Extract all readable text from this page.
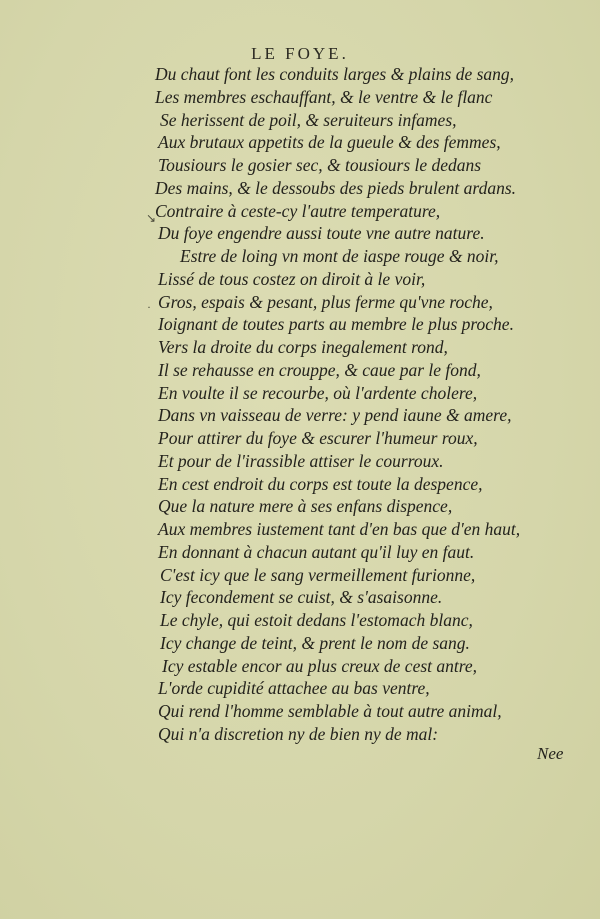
LE FOYE.
Du chaut font les conduits larges & plains de sang,
Les membres eschauffant, & le ventre & le flanc
Se herissent de poil, & seruiteurs infames,
Aux brutaux appetits de la gueule & des femmes,
Tousiours le gosier sec, & tousiours le dedans
Des mains, & le dessoubs des pieds brulent ardans.
Contraire à ceste-cy l'autre temperature,
Du foye engendre aussi toute vne autre nature.
Estre de loing vn mont de iaspe rouge & noir,
Lissé de tous costez on diroit à le voir,
Gros, espais & pesant, plus ferme qu'vne roche,
Ioignant de toutes parts au membre le plus proche.
Vers la droite du corps inegalement rond,
Il se rehausse en crouppe, & caue par le fond,
En voulte il se recourbe, où l'ardente cholere,
Dans vn vaisseau de verre: y pend iaune & amere,
Pour attirer du foye & escurer l'humeur roux,
Et pour de l'irassible attiser le courroux.
En cest endroit du corps est toute la despence,
Que la nature mere à ses enfans dispence,
Aux membres iustement tant d'en bas que d'en haut,
En donnant à chacun autant qu'il luy en faut.
C'est icy que le sang vermeillement furionne,
Icy fecondement se cuist, & s'asaisonne.
Le chyle, qui estoit dedans l'estomach blanc,
Icy change de teint, & prent le nom de sang.
Icy estable encor au plus creux de cest antre,
L'orde cupidité attachee au bas ventre,
Qui rend l'homme semblable à tout autre animal,
Qui n'a discretion ny de bien ny de mal:
↘
·
Nee
